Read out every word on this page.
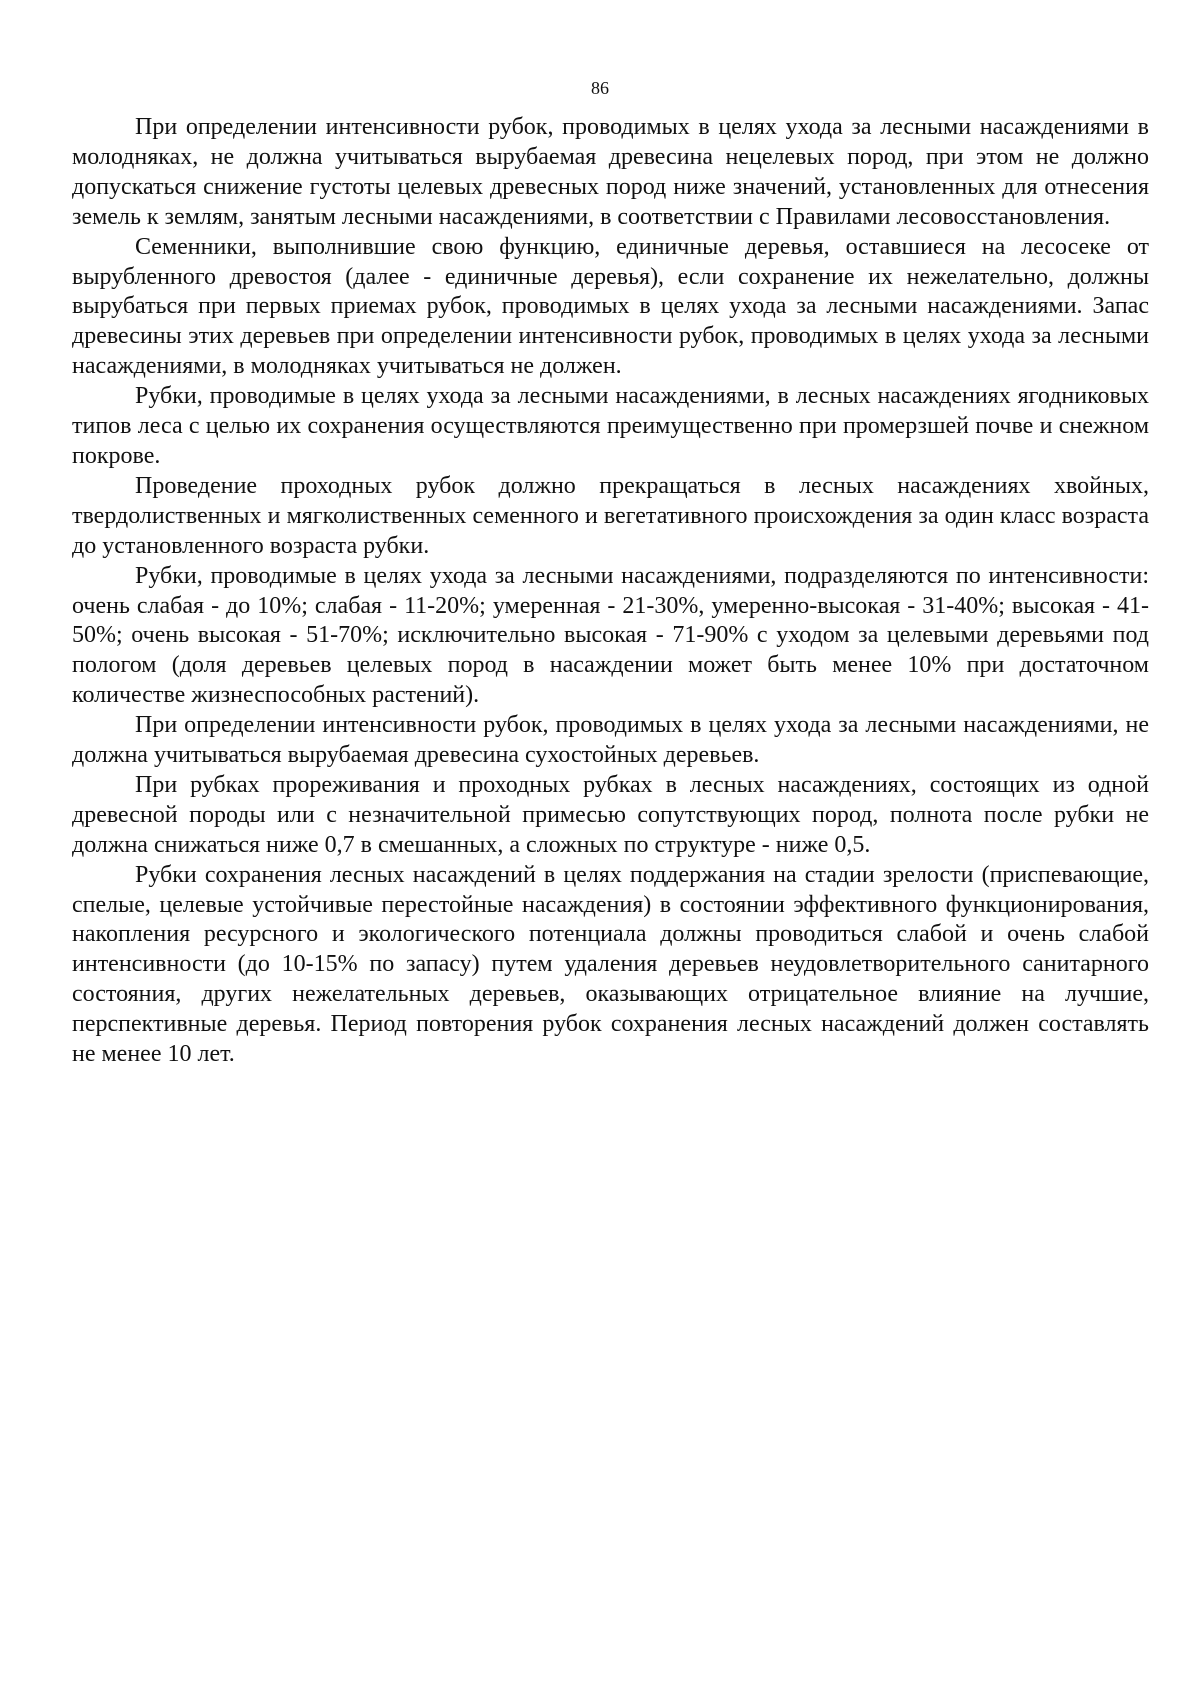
86

При определении интенсивности рубок, проводимых в целях ухода за лесными насаждениями в молодняках, не должна учитываться вырубаемая древесина нецелевых пород, при этом не должно допускаться снижение густоты целевых древесных пород ниже значений, установленных для отнесения земель к землям, занятым лесными насаждениями, в соответствии с Правилами лесовосстановления.

Семенники, выполнившие свою функцию, единичные деревья, оставшиеся на лесосеке от вырубленного древостоя (далее - единичные деревья), если сохранение их нежелательно, должны вырубаться при первых приемах рубок, проводимых в целях ухода за лесными насаждениями. Запас древесины этих деревьев при определении интенсивности рубок, проводимых в целях ухода за лесными насаждениями, в молодняках учитываться не должен.

Рубки, проводимые в целях ухода за лесными насаждениями, в лесных насаждениях ягодниковых типов леса с целью их сохранения осуществляются преимущественно при промерзшей почве и снежном покрове.

Проведение проходных рубок должно прекращаться в лесных насаждениях хвойных, твердолиственных и мягколиственных семенного и вегетативного происхождения за один класс возраста до установленного возраста рубки.

Рубки, проводимые в целях ухода за лесными насаждениями, подразделяются по интенсивности: очень слабая - до 10%; слабая - 11-20%; умеренная - 21-30%, умеренно-высокая - 31-40%; высокая - 41-50%; очень высокая - 51-70%; исключительно высокая - 71-90% с уходом за целевыми деревьями под пологом (доля деревьев целевых пород в насаждении может быть менее 10% при достаточном количестве жизнеспособных растений).

При определении интенсивности рубок, проводимых в целях ухода за лесными насаждениями, не должна учитываться вырубаемая древесина сухостойных деревьев.

При рубках прореживания и проходных рубках в лесных насаждениях, состоящих из одной древесной породы или с незначительной примесью сопутствующих пород, полнота после рубки не должна снижаться ниже 0,7 в смешанных, а сложных по структуре - ниже 0,5.

Рубки сохранения лесных насаждений в целях поддержания на стадии зрелости (приспевающие, спелые, целевые устойчивые перестойные насаждения) в состоянии эффективного функционирования, накопления ресурсного и экологического потенциала должны проводиться слабой и очень слабой интенсивности (до 10-15% по запасу) путем удаления деревьев неудовлетворительного санитарного состояния, других нежелательных деревьев, оказывающих отрицательное влияние на лучшие, перспективные деревья. Период повторения рубок сохранения лесных насаждений должен составлять не менее 10 лет.
